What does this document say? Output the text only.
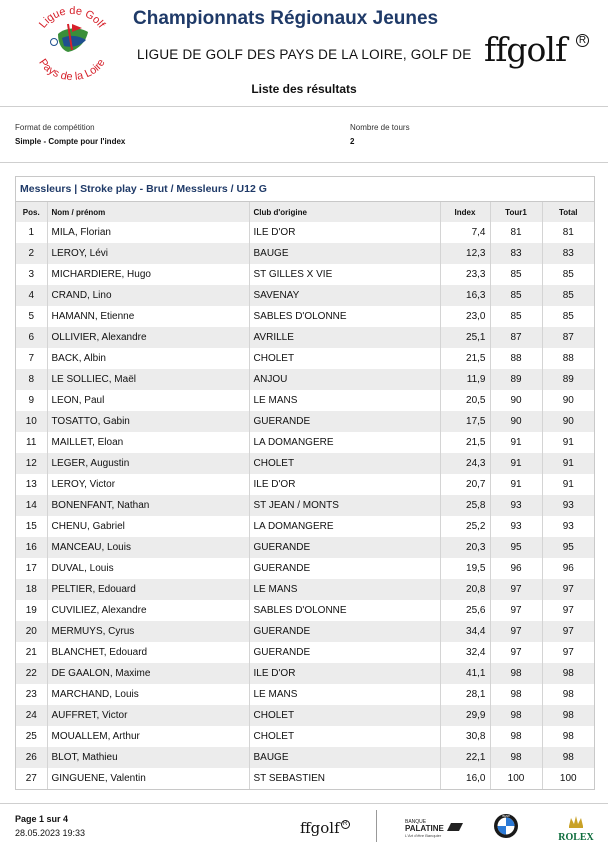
Ligue de Golf
Pays de la Loire
Championnats Régionaux Jeunes
LIGUE DE GOLF DES PAYS DE LA LOIRE, GOLF DE ffgolf R
Liste des résultats
Format de compétition
Simple - Compte pour l'index
Nombre de tours
2
Messleurs | Stroke play - Brut / Messleurs / U12 G
Pos.	Nom / prénom	Club d'origine	Index	Tour1	Total
1	MILA, Florian	ILE D'OR	7,4	81	81
2	LEROY, Lévi	BAUGE	12,3	83	83
3	MICHARDIERE, Hugo	ST GILLES X VIE	23,3	85	85
4	CRAND, Lino	SAVENAY	16,3	85	85
5	HAMANN, Etienne	SABLES D'OLONNE	23,0	85	85
6	OLLIVIER, Alexandre	AVRILLE	25,1	87	87
7	BACK, Albin	CHOLET	21,5	88	88
8	LE SOLLIEC, Maël	ANJOU	11,9	89	89
9	LEON, Paul	LE MANS	20,5	90	90
10	TOSATTO, Gabin	GUERANDE	17,5	90	90
11	MAILLET, Eloan	LA DOMANGERE	21,5	91	91
12	LEGER, Augustin	CHOLET	24,3	91	91
13	LEROY, Victor	ILE D'OR	20,7	91	91
14	BONENFANT, Nathan	ST JEAN / MONTS	25,8	93	93
15	CHENU, Gabriel	LA DOMANGERE	25,2	93	93
16	MANCEAU, Louis	GUERANDE	20,3	95	95
17	DUVAL, Louis	GUERANDE	19,5	96	96
18	PELTIER, Edouard	LE MANS	20,8	97	97
19	CUVILIEZ, Alexandre	SABLES D'OLONNE	25,6	97	97
20	MERMUYS, Cyrus	GUERANDE	34,4	97	97
21	BLANCHET, Edouard	GUERANDE	32,4	97	97
22	DE GAALON, Maxime	ILE D'OR	41,1	98	98
23	MARCHAND, Louis	LE MANS	28,1	98	98
24	AUFFRET, Victor	CHOLET	29,9	98	98
25	MOUALLEM, Arthur	CHOLET	30,8	98	98
26	BLOT, Mathieu	BAUGE	22,1	98	98
27	GINGUENE, Valentin	ST SEBASTIEN	16,0	100	100
Page 1 sur 4
28.05.2023 19:33	ffgolf R	BANQUE
PALATINE
L'Art d'être Banquier
BMW
ROLEX
